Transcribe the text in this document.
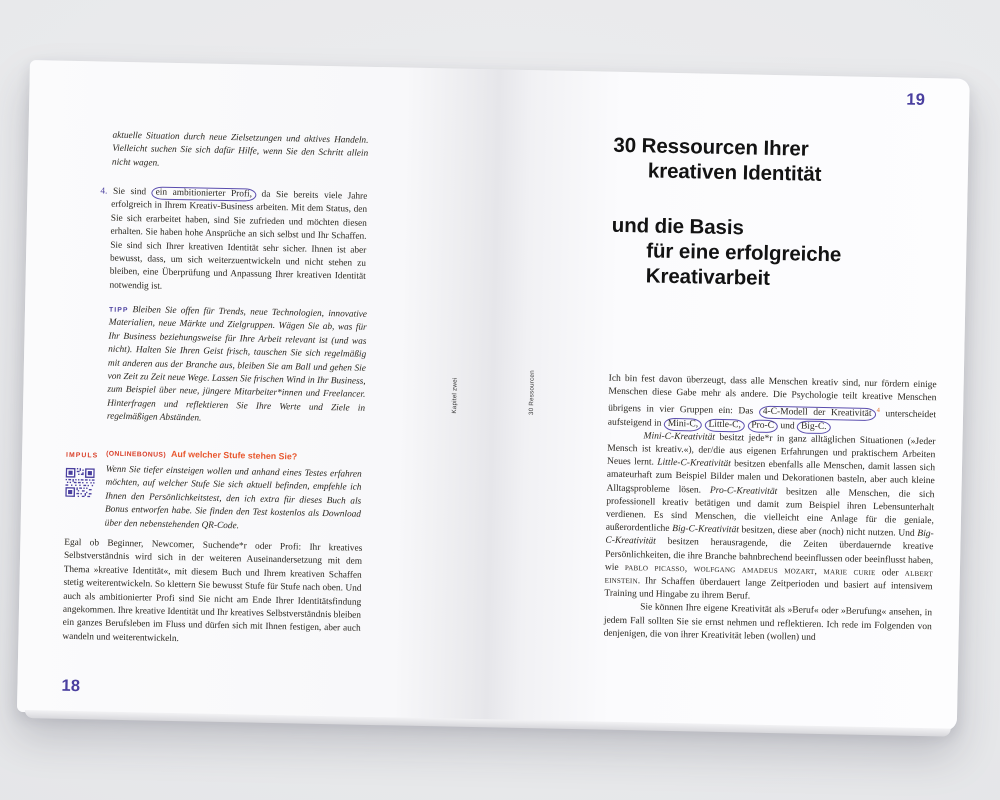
aktuelle Situation durch neue Zielsetzungen und aktives Handeln. Vielleicht suchen Sie sich dafür Hilfe, wenn Sie den Schritt allein nicht wagen.

4. Sie sind ein ambitionierter Profi, da Sie bereits viele Jahre erfolgreich in Ihrem Kreativ-Business arbeiten. Mit dem Status, den Sie sich erarbeitet haben, sind Sie zufrieden und möchten diesen erhalten. Sie haben hohe Ansprüche an sich selbst und Ihr Schaffen. Sie sind sich Ihrer kreativen Identität sehr sicher. Ihnen ist aber bewusst, dass, um sich weiterzuentwickeln und nicht stehen zu bleiben, eine Überprüfung und Anpassung Ihrer kreativen Identität notwendig ist.

TIPP Bleiben Sie offen für Trends, neue Technologien, innovative Materialien, neue Märkte und Zielgruppen. Wägen Sie ab, was für Ihr Business beziehungsweise für Ihre Arbeit relevant ist (und was nicht). Halten Sie Ihren Geist frisch, tauschen Sie sich regelmäßig mit anderen aus der Branche aus, bleiben Sie am Ball und gehen Sie von Zeit zu Zeit neue Wege. Lassen Sie frischen Wind in Ihr Business, zum Beispiel über neue, jüngere Mitarbeiter*innen und Freelancer. Hinterfragen und reflektieren Sie Ihre Werte und Ziele in regelmäßigen Abständen.

IMPULS	(ONLINEBONUS) Auf welcher Stufe stehen Sie?

Wenn Sie tiefer einsteigen wollen und anhand eines Testes erfahren möchten, auf welcher Stufe Sie sich aktuell befinden, empfehle ich Ihnen den Persönlichkeitstest, den ich extra für dieses Buch als Bonus entworfen habe. Sie finden den Test kostenlos als Download über den nebenstehenden QR-Code.

Egal ob Beginner, Newcomer, Suchende*r oder Profi: Ihr kreatives Selbstverständnis wird sich in der weiteren Auseinandersetzung mit dem Thema »kreative Identität«, mit diesem Buch und Ihrem kreativen Schaffen stetig weiterentwickeln. So klettern Sie bewusst Stufe für Stufe nach oben. Und auch als ambitionierter Profi sind Sie nicht am Ende Ihrer Identitätsfindung angekommen. Ihre kreative Identität und Ihr kreatives Selbstverständnis bleiben ein ganzes Berufsleben im Fluss und dürfen sich mit Ihnen festigen, aber auch wandeln und weiterentwickeln.

18
Kapitel zwei
19
30 Ressourcen Ihrer
kreativen Identität
und die Basis
für eine erfolgreiche
Kreativarbeit

Ich bin fest davon überzeugt, dass alle Menschen kreativ sind, nur fördern einige Menschen diese Gabe mehr als andere. Die Psychologie teilt kreative Menschen übrigens in vier Gruppen ein: Das 4-C-Modell der Kreativität $^4$ unterscheidet aufsteigend in Mini-C, Little-C, Pro-C und Big-C.

Mini-C-Kreativität besitzt jede*r in ganz alltäglichen Situationen (»Jeder Mensch ist kreativ.«), der/die aus eigenen Erfahrungen und praktischem Arbeiten Neues lernt. Little-C-Kreativität besitzen ebenfalls alle Menschen, damit lassen sich amateurhaft zum Beispiel Bilder malen und Dekorationen basteln, aber auch kleine Alltagsprobleme lösen. Pro-C-Kreativität besitzen alle Menschen, die sich professionell kreativ betätigen und damit zum Beispiel ihren Lebensunterhalt verdienen. Es sind Menschen, die vielleicht eine Anlage für die geniale, außerordentliche Big-C-Kreativität besitzen, diese aber (noch) nicht nutzen. Und Big-C-Kreativität besitzen herausragende, die Zeiten überdauernde kreative Persönlichkeiten, die ihre Branche bahnbrechend beeinflussen oder beeinflusst haben, wie pablo picasso, wolfgang amadeus mozart, marie curie oder albert einstein. Ihr Schaffen überdauert lange Zeitperioden und basiert auf intensivem Training und Hingabe zu ihrem Beruf.

Sie können Ihre eigene Kreativität als »Beruf« oder »Berufung« ansehen, in jedem Fall sollten Sie sie ernst nehmen und reflektieren. Ich rede im Folgenden von denjenigen, die von ihrer Kreativität leben (wollen) und

30 Ressourcen
